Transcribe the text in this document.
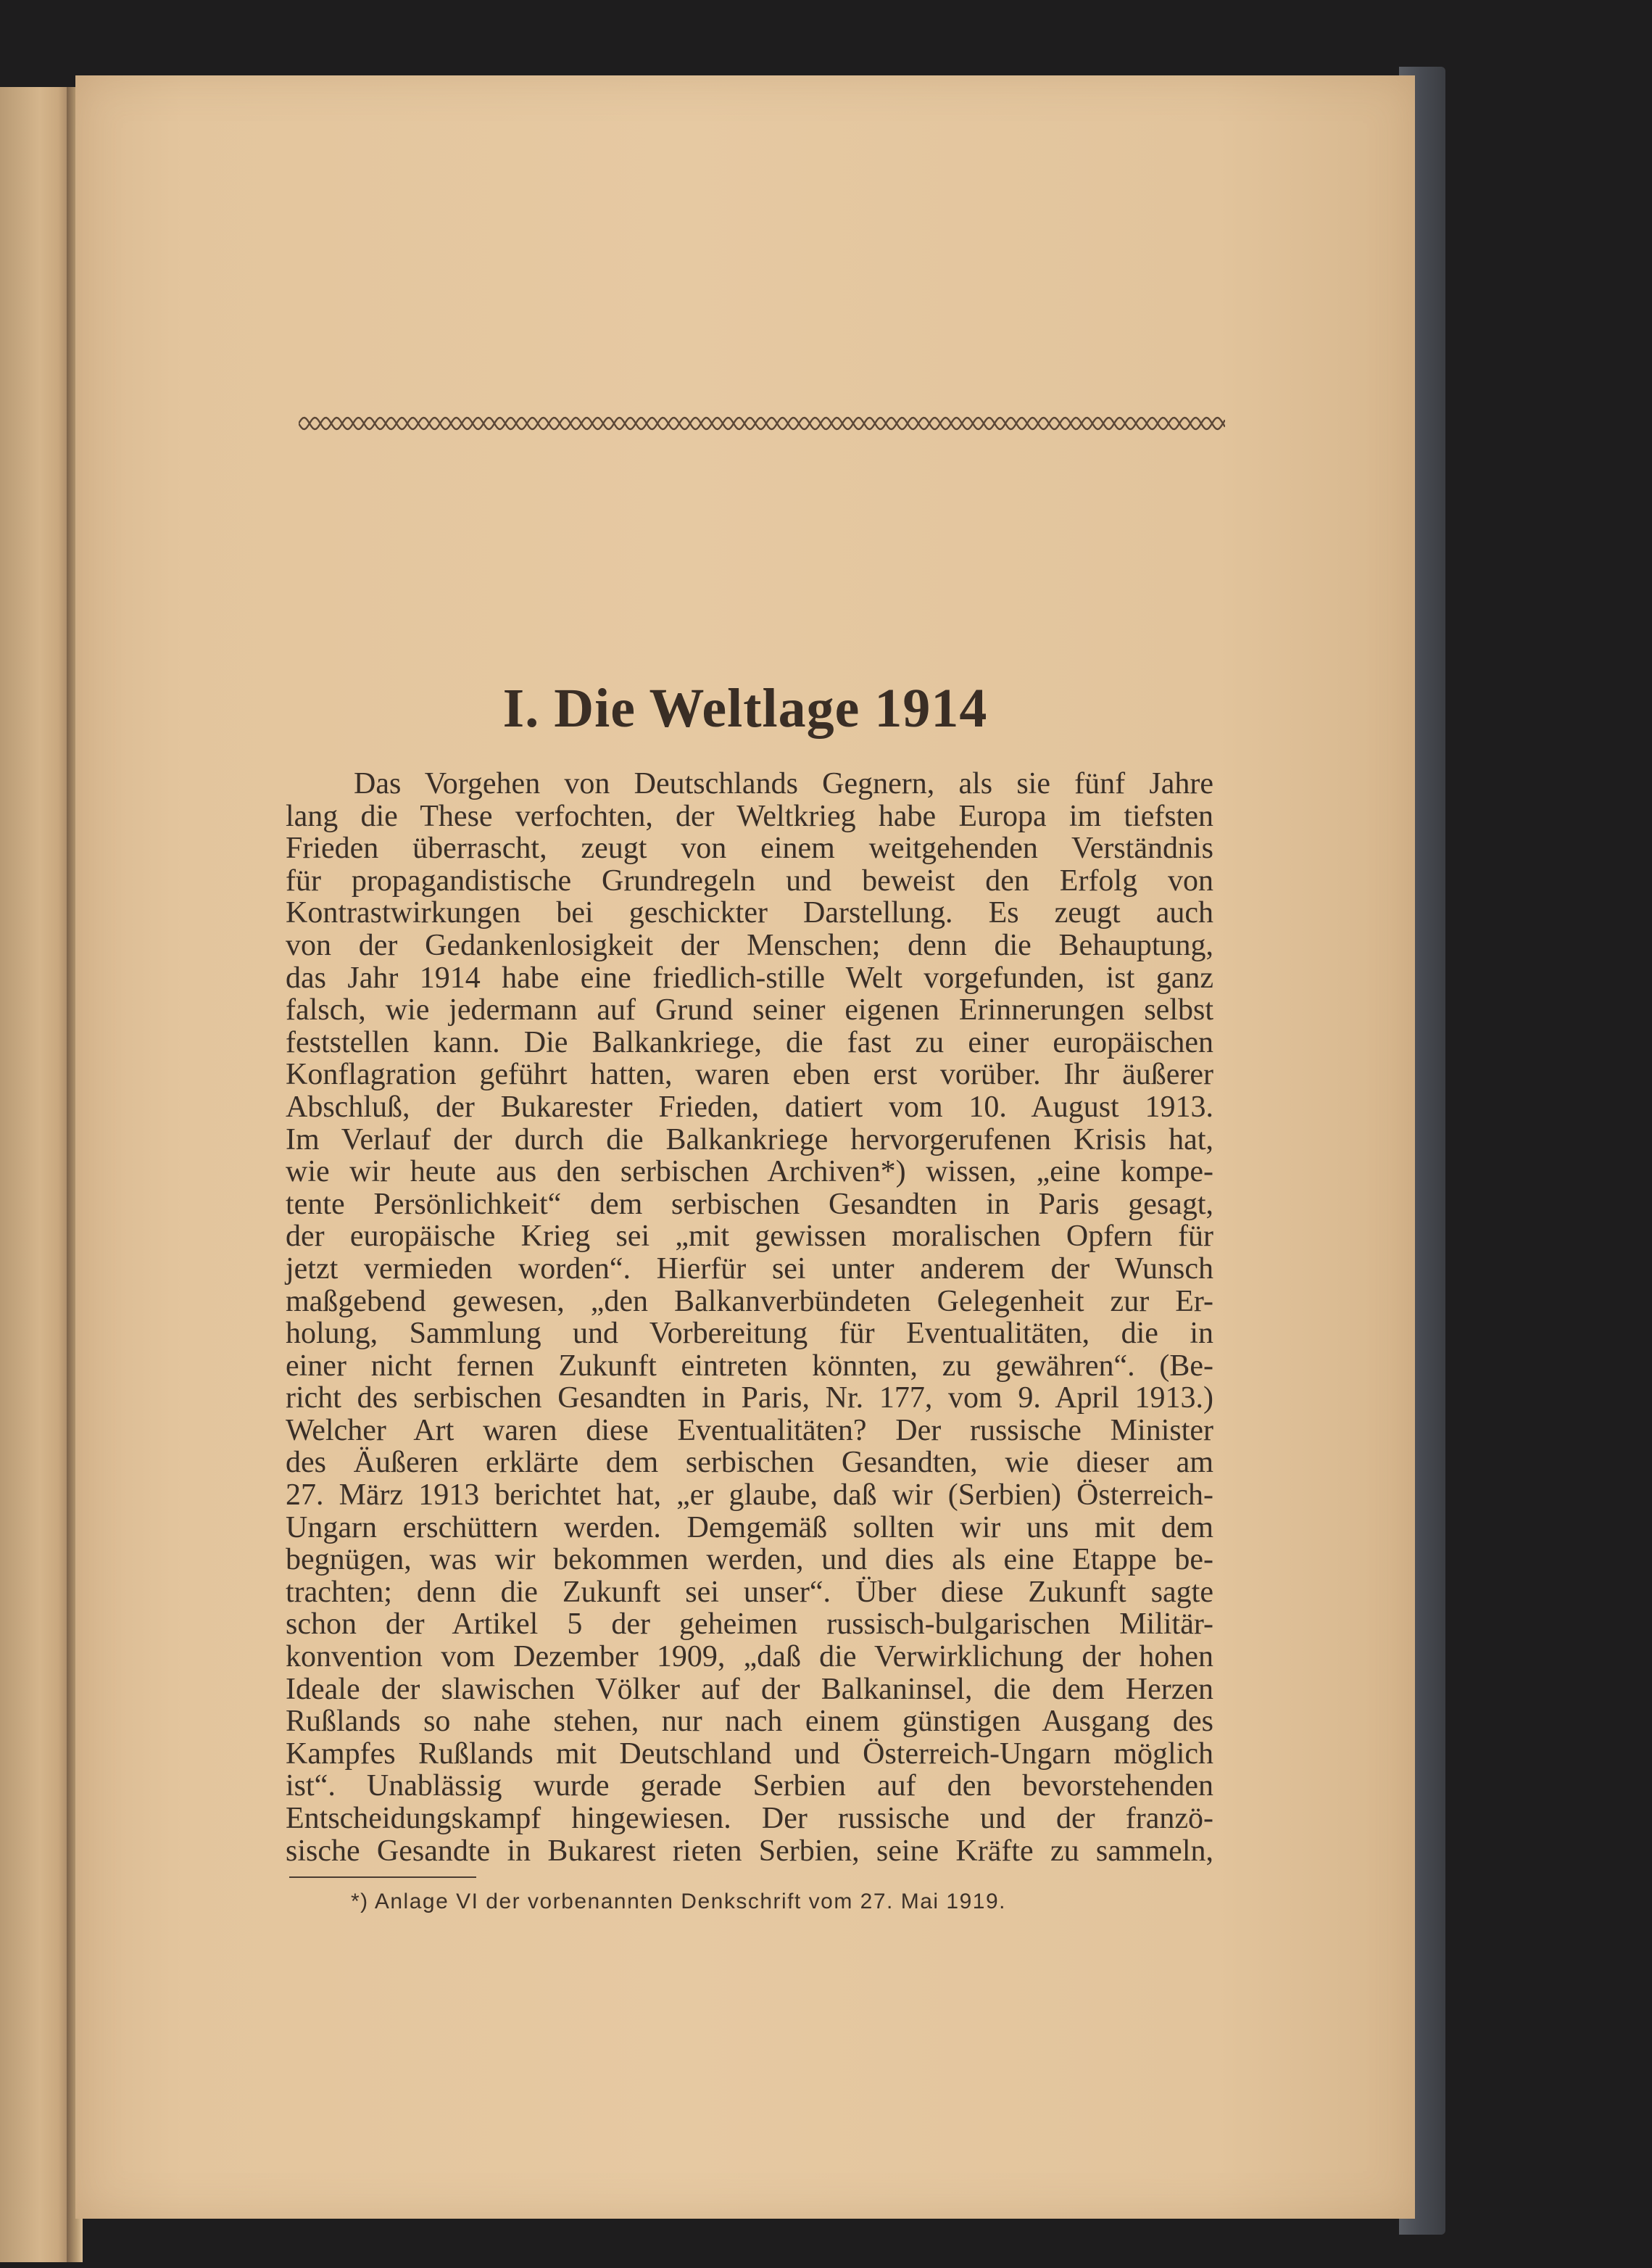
I. Die Weltlage 1914
Das Vorgehen von Deutschlands Gegnern, als sie fünf Jahre
lang die These verfochten, der Weltkrieg habe Europa im tiefsten
Frieden überrascht, zeugt von einem weitgehenden Verständnis
für propagandistische Grundregeln und beweist den Erfolg von
Kontrastwirkungen bei geschickter Darstellung. Es zeugt auch
von der Gedankenlosigkeit der Menschen; denn die Behauptung,
das Jahr 1914 habe eine friedlich-stille Welt vorgefunden, ist ganz
falsch, wie jedermann auf Grund seiner eigenen Erinnerungen selbst
feststellen kann. Die Balkankriege, die fast zu einer europäischen
Konflagration geführt hatten, waren eben erst vorüber. Ihr äußerer
Abschluß, der Bukarester Frieden, datiert vom 10. August 1913.
Im Verlauf der durch die Balkankriege hervorgerufenen Krisis hat,
wie wir heute aus den serbischen Archiven*) wissen, „eine kompe-
tente Persönlichkeit“ dem serbischen Gesandten in Paris gesagt,
der europäische Krieg sei „mit gewissen moralischen Opfern für
jetzt vermieden worden“. Hierfür sei unter anderem der Wunsch
maßgebend gewesen, „den Balkanverbündeten Gelegenheit zur Er-
holung, Sammlung und Vorbereitung für Eventualitäten, die in
einer nicht fernen Zukunft eintreten könnten, zu gewähren“. (Be-
richt des serbischen Gesandten in Paris, Nr. 177, vom 9. April 1913.)
Welcher Art waren diese Eventualitäten? Der russische Minister
des Äußeren erklärte dem serbischen Gesandten, wie dieser am
27. März 1913 berichtet hat, „er glaube, daß wir (Serbien) Österreich-
Ungarn erschüttern werden. Demgemäß sollten wir uns mit dem
begnügen, was wir bekommen werden, und dies als eine Etappe be-
trachten; denn die Zukunft sei unser“. Über diese Zukunft sagte
schon der Artikel 5 der geheimen russisch-bulgarischen Militär-
konvention vom Dezember 1909, „daß die Verwirklichung der hohen
Ideale der slawischen Völker auf der Balkaninsel, die dem Herzen
Rußlands so nahe stehen, nur nach einem günstigen Ausgang des
Kampfes Rußlands mit Deutschland und Österreich-Ungarn möglich
ist“. Unablässig wurde gerade Serbien auf den bevorstehenden
Entscheidungskampf hingewiesen. Der russische und der franzö-
sische Gesandte in Bukarest rieten Serbien, seine Kräfte zu sammeln,
*) Anlage VI der vorbenannten Denkschrift vom 27. Mai 1919.
